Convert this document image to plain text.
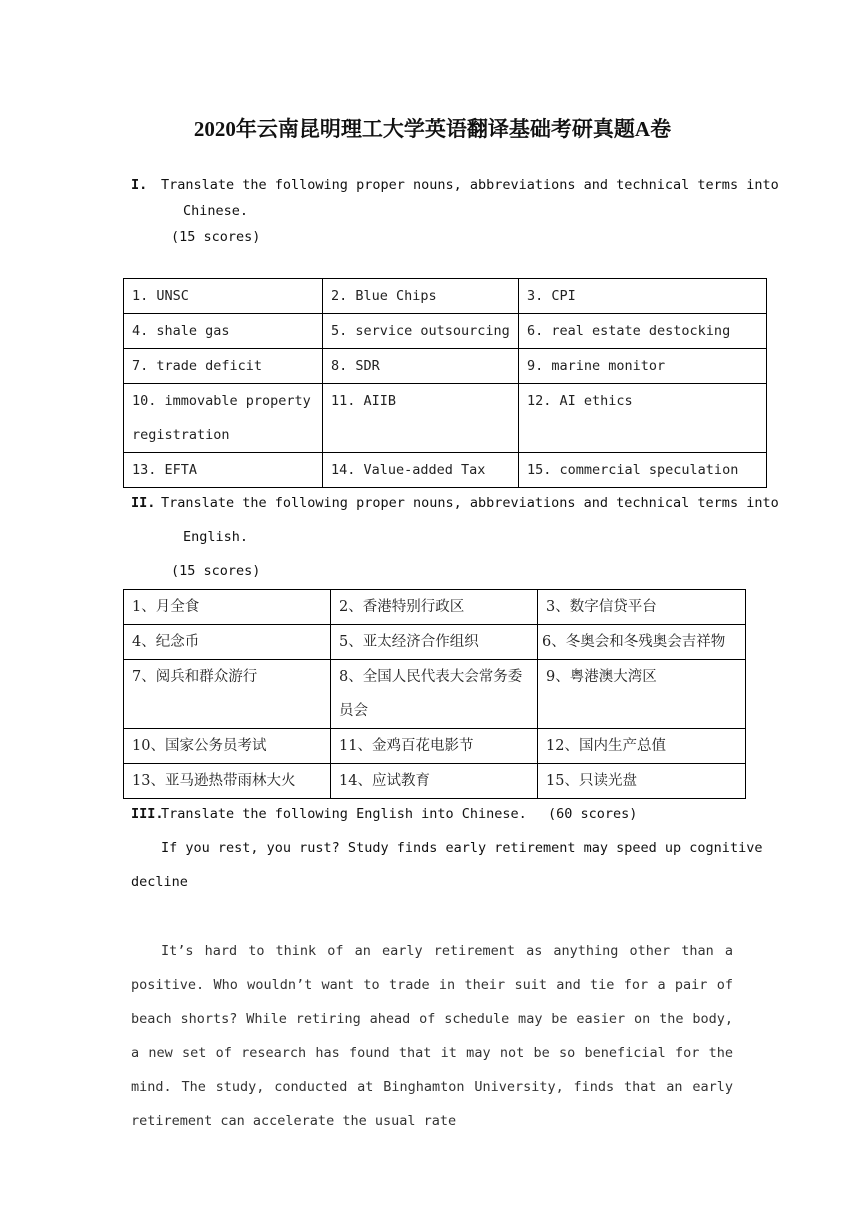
2020年云南昆明理工大学英语翻译基础考研真题A卷
I. Translate the following proper nouns, abbreviations and technical terms into
Chinese.
(15 scores)
1. UNSC	2. Blue Chips	3. CPI
4. shale gas	5. service outsourcing	6. real estate destocking
7. trade deficit	8. SDR	9. marine monitor
10. immovable property registration	11. AIIB	12. AI ethics
13. EFTA	14. Value-added Tax	15. commercial speculation
II. Translate the following proper nouns, abbreviations and technical terms into
English.
(15 scores)
1、月全食	2、香港特别行政区	3、数字信贷平台
4、纪念币	5、亚太经济合作组织	6、冬奥会和冬残奥会吉祥物
7、阅兵和群众游行	8、全国人民代表大会常务委员会	9、粤港澳大湾区
10、国家公务员考试	11、金鸡百花电影节	12、国内生产总值
13、亚马逊热带雨林大火	14、应试教育	15、只读光盘
III.
Translate the following English into Chinese. (60 scores)
If you rest, you rust? Study finds early retirement may speed up cognitive
decline
It’s hard to think of an early retirement as anything other than a positive. Who wouldn’t want to trade in their suit and tie for a pair of beach shorts? While retiring ahead of schedule may be easier on the body, a new set of research has found that it may not be so beneficial for the mind. The study, conducted at Binghamton University, finds that an early retirement can accelerate the usual rate
